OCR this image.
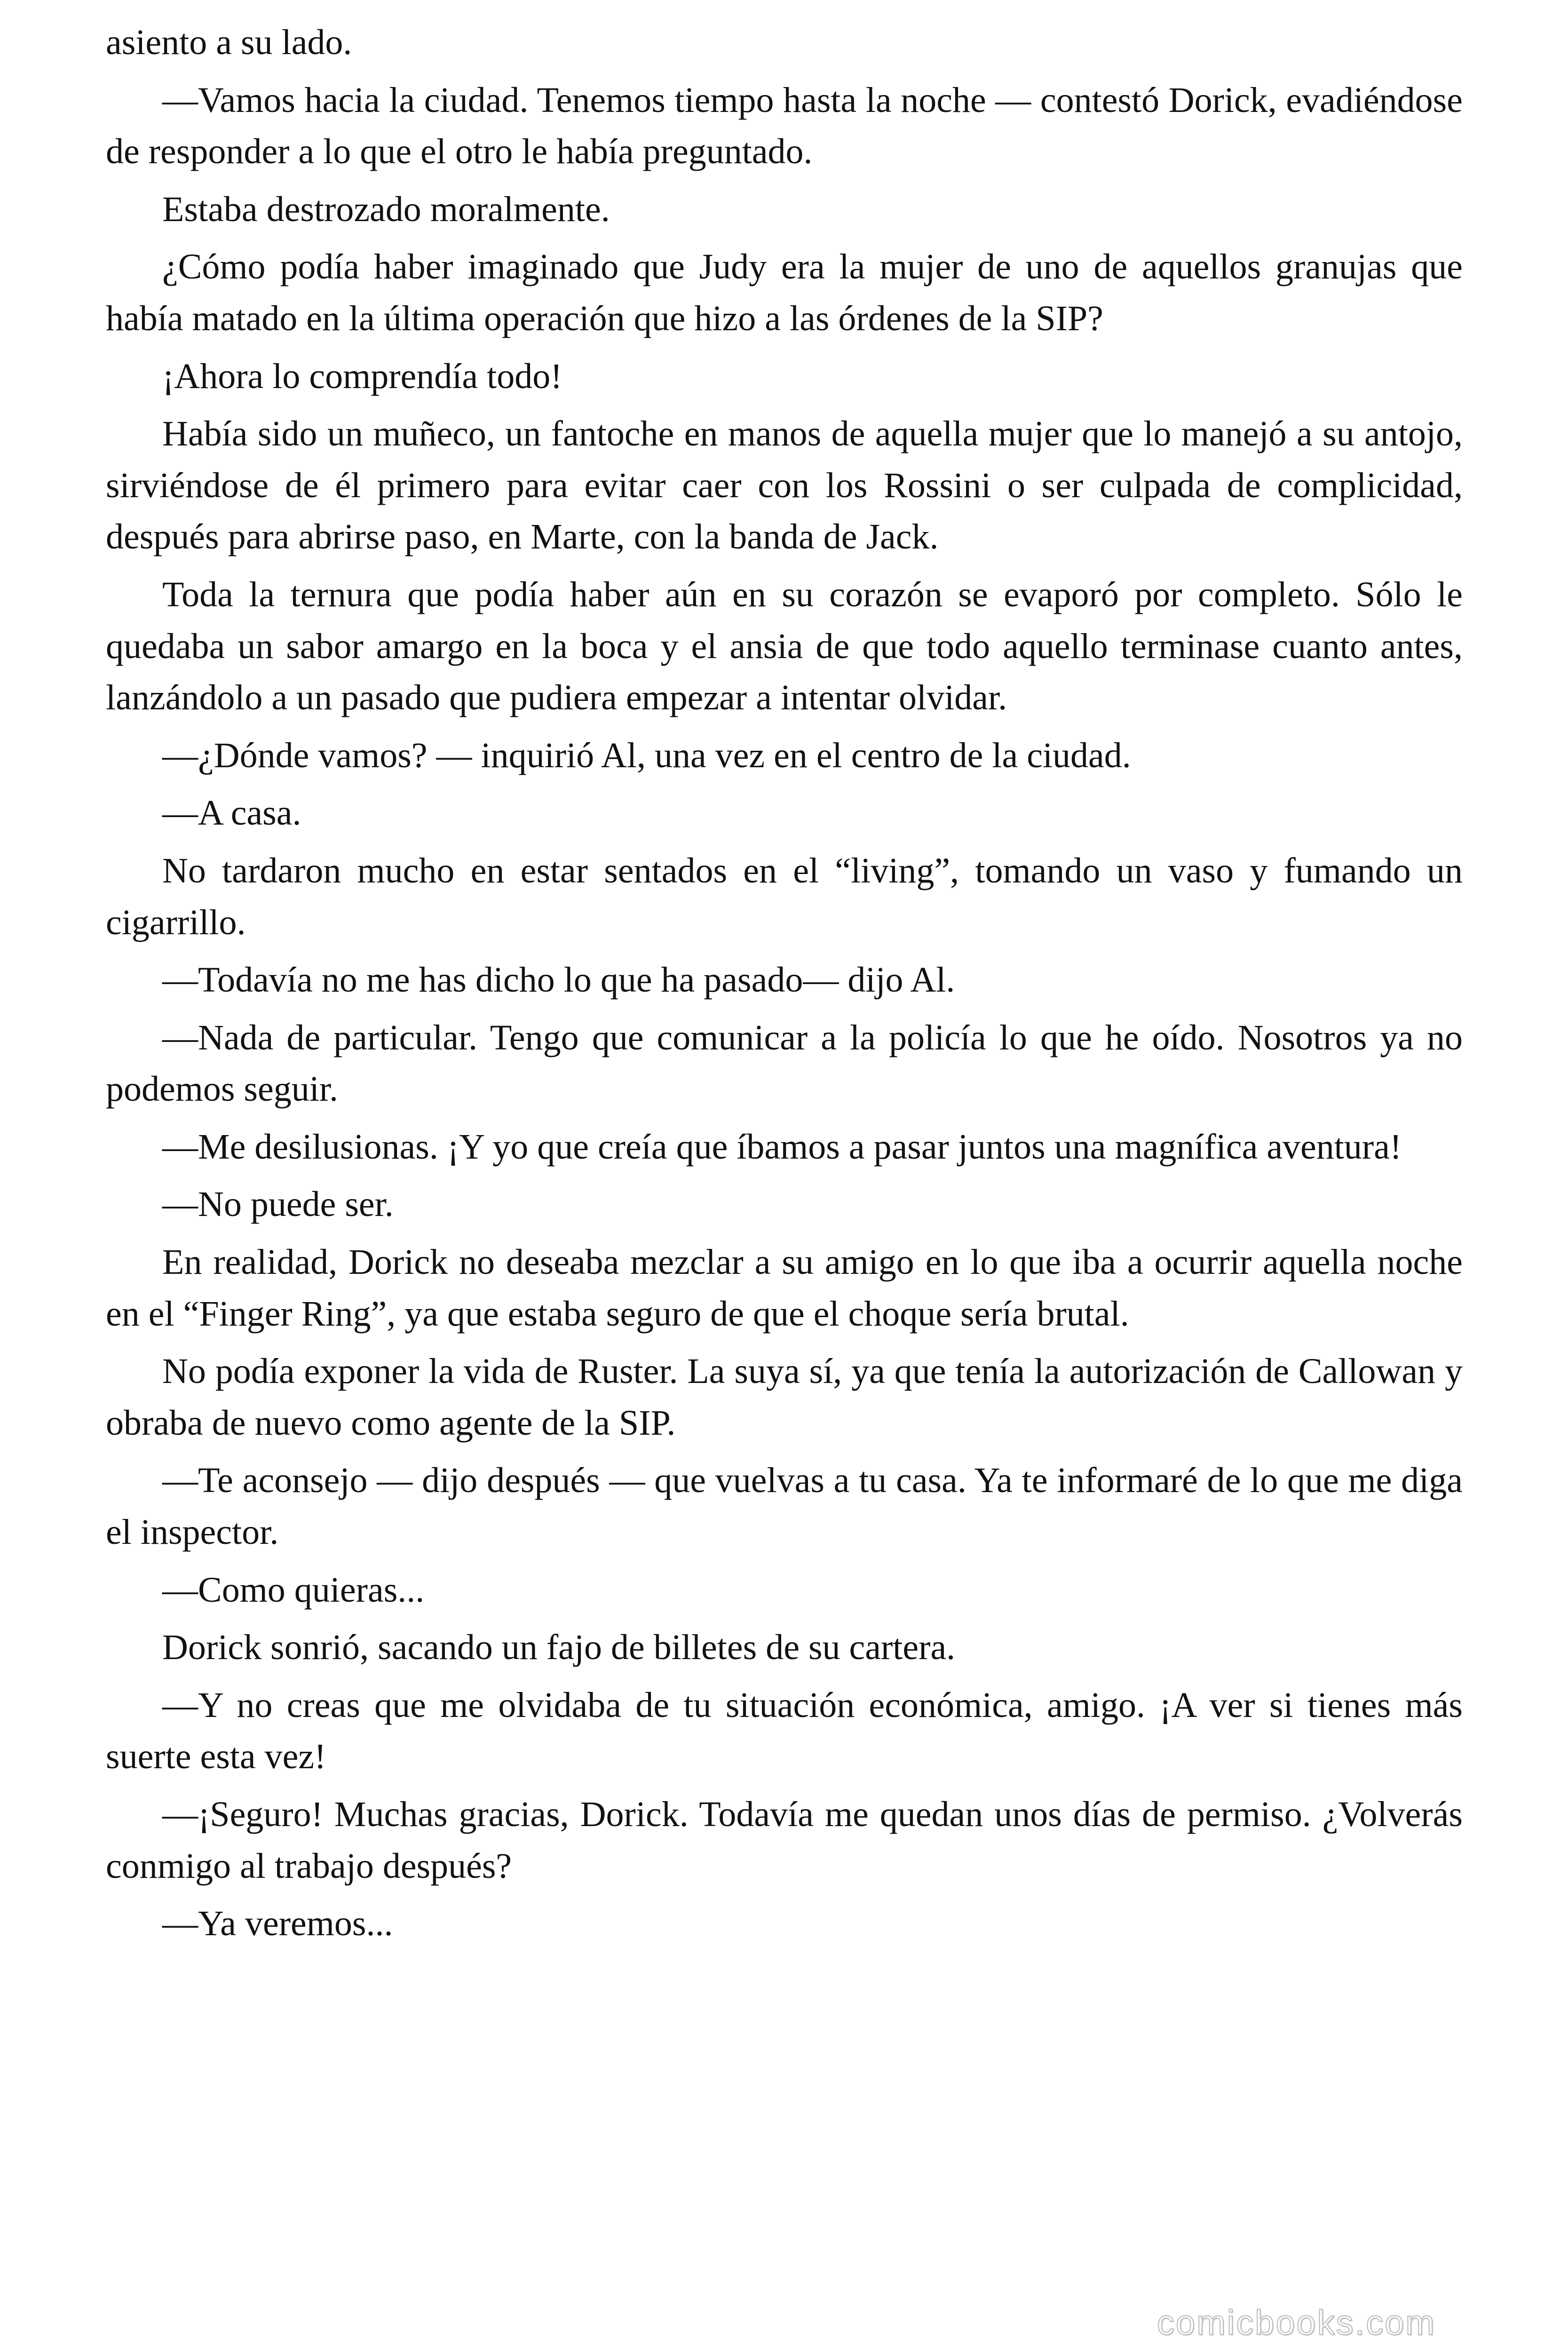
asiento a su lado.

—Vamos hacia la ciudad. Tenemos tiempo hasta la noche — contestó Dorick, evadiéndose de responder a lo que el otro le había preguntado.

Estaba destrozado moralmente.

¿Cómo podía haber imaginado que Judy era la mujer de uno de aquellos granujas que había matado en la última operación que hizo a las órdenes de la SIP?

¡Ahora lo comprendía todo!

Había sido un muñeco, un fantoche en manos de aquella mujer que lo manejó a su antojo, sirviéndose de él primero para evitar caer con los Rossini o ser culpada de complicidad, después para abrirse paso, en Marte, con la banda de Jack.

Toda la ternura que podía haber aún en su corazón se evaporó por completo. Sólo le quedaba un sabor amargo en la boca y el ansia de que todo aquello terminase cuanto antes, lanzándolo a un pasado que pudiera empezar a intentar olvidar.

—¿Dónde vamos? — inquirió Al, una vez en el centro de la ciudad.

—A casa.

No tardaron mucho en estar sentados en el “living”, tomando un vaso y fumando un cigarrillo.

—Todavía no me has dicho lo que ha pasado— dijo Al.

—Nada de particular. Tengo que comunicar a la policía lo que he oído. Nosotros ya no podemos seguir.

—Me desilusionas. ¡Y yo que creía que íbamos a pasar juntos una magnífica aventura!

—No puede ser.

En realidad, Dorick no deseaba mezclar a su amigo en lo que iba a ocurrir aquella noche en el “Finger Ring”, ya que estaba seguro de que el choque sería brutal.

No podía exponer la vida de Ruster. La suya sí, ya que tenía la autorización de Callowan y obraba de nuevo como agente de la SIP.

—Te aconsejo — dijo después — que vuelvas a tu casa. Ya te informaré de lo que me diga el inspector.

—Como quieras...

Dorick sonrió, sacando un fajo de billetes de su cartera.

—Y no creas que me olvidaba de tu situación económica, amigo. ¡A ver si tienes más suerte esta vez!

—¡Seguro! Muchas gracias, Dorick. Todavía me quedan unos días de permiso. ¿Volverás conmigo al trabajo después?

—Ya veremos...

comicbooks.com
